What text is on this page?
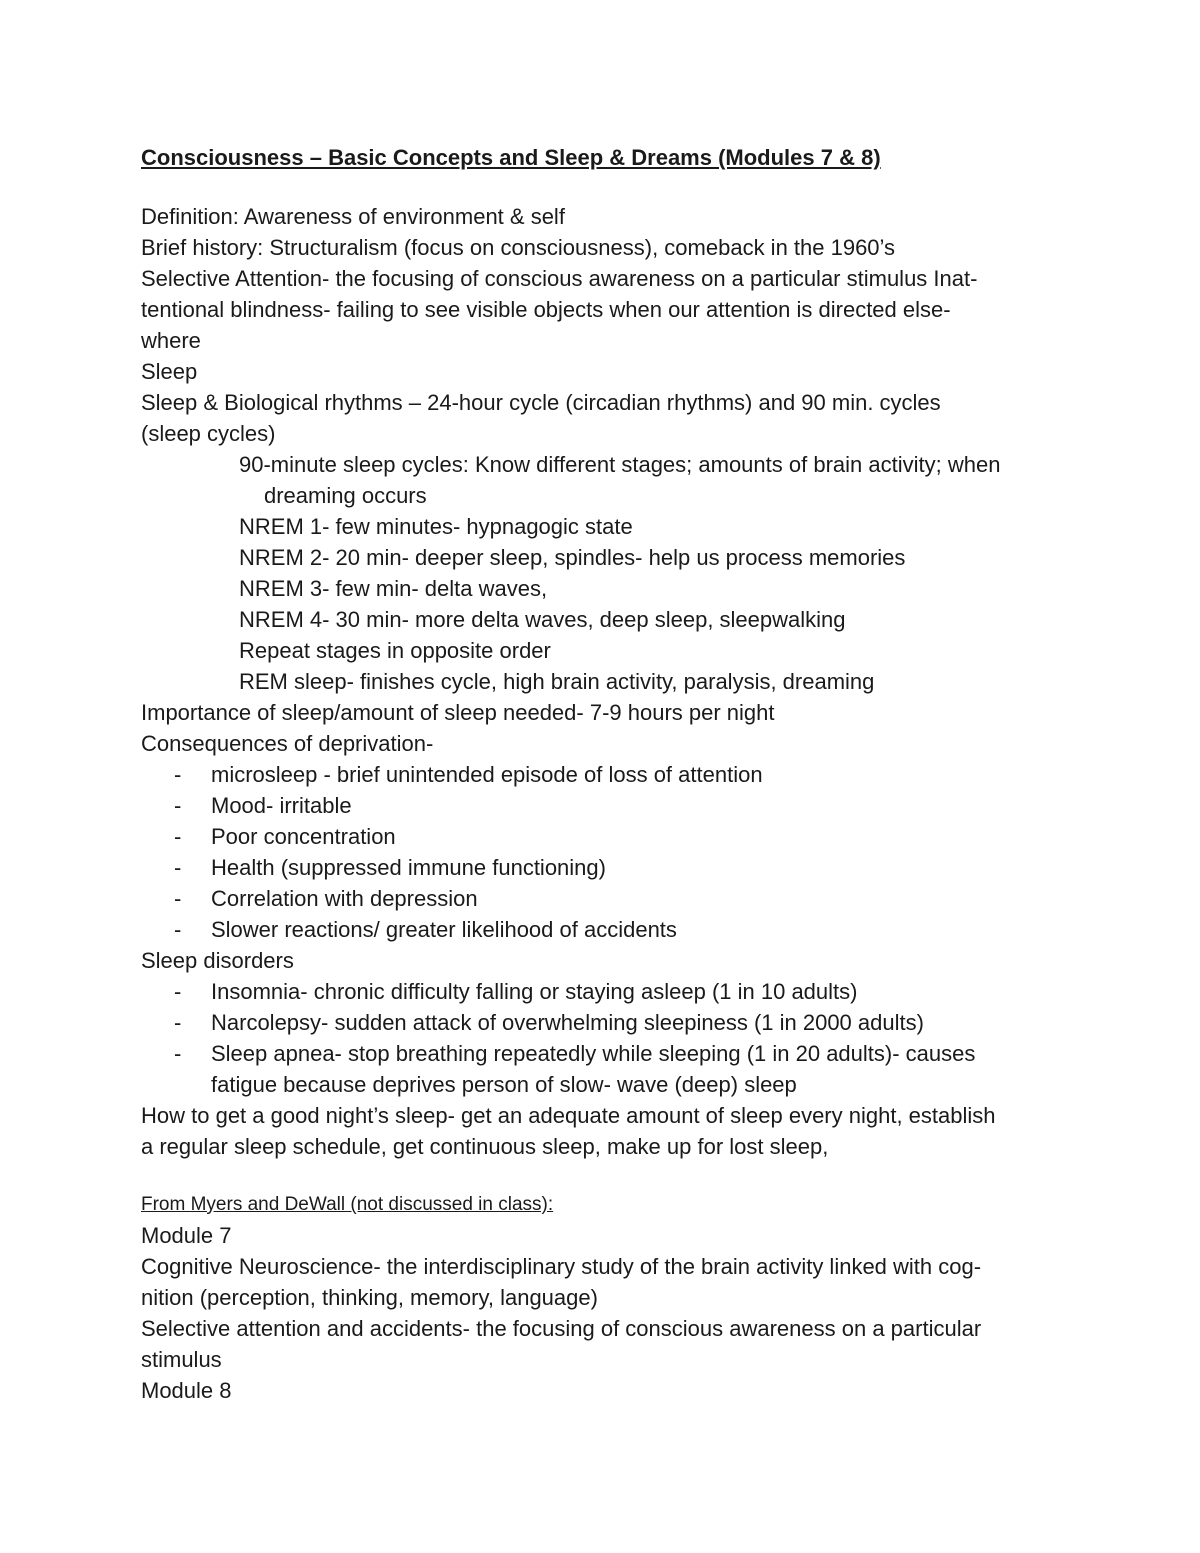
Consciousness – Basic Concepts and Sleep & Dreams (Modules 7 & 8)
Definition: Awareness of environment & self
Brief history: Structuralism (focus on consciousness), comeback in the 1960’s
Selective Attention- the focusing of conscious awareness on a particular stimulus Inat-
tentional blindness- failing to see visible objects when our attention is directed else-
where
Sleep
Sleep & Biological rhythms – 24-hour cycle (circadian rhythms) and 90 min. cycles
(sleep cycles)
90-minute sleep cycles: Know different stages; amounts of brain activity; when
dreaming occurs
NREM 1- few minutes- hypnagogic state
NREM 2- 20 min- deeper sleep, spindles- help us process memories
NREM 3- few min- delta waves,
NREM 4- 30 min- more delta waves, deep sleep, sleepwalking
Repeat stages in opposite order
REM sleep- finishes cycle, high brain activity, paralysis, dreaming
Importance of sleep/amount of sleep needed- 7-9 hours per night
Consequences of deprivation-
- microsleep - brief unintended episode of loss of attention
- Mood- irritable
- Poor concentration
- Health (suppressed immune functioning)
- Correlation with depression
- Slower reactions/ greater likelihood of accidents
Sleep disorders
- Insomnia- chronic difficulty falling or staying asleep (1 in 10 adults)
- Narcolepsy- sudden attack of overwhelming sleepiness (1 in 2000 adults)
- Sleep apnea- stop breathing repeatedly while sleeping (1 in 20 adults)- causes
fatigue because deprives person of slow- wave (deep) sleep
How to get a good night’s sleep- get an adequate amount of sleep every night, establish
a regular sleep schedule, get continuous sleep, make up for lost sleep,
From Myers and DeWall (not discussed in class):
Module 7
Cognitive Neuroscience- the interdisciplinary study of the brain activity linked with cog-
nition (perception, thinking, memory, language)
Selective attention and accidents- the focusing of conscious awareness on a particular
stimulus
Module 8
